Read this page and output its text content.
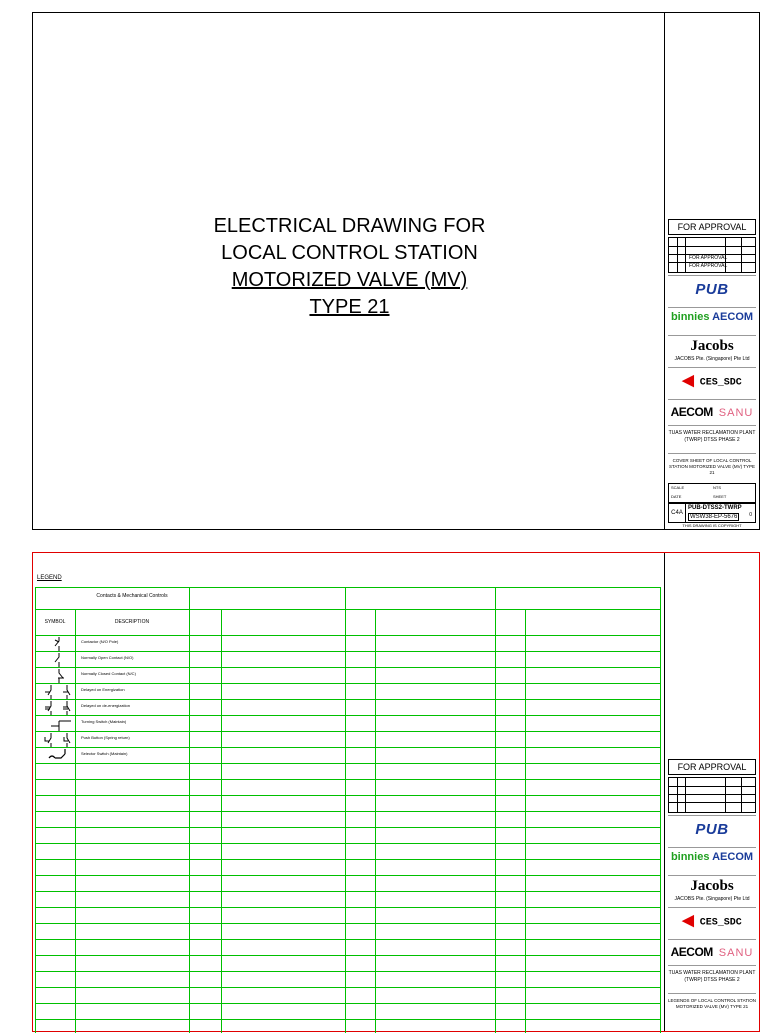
ELECTRICAL DRAWING FOR
LOCAL CONTROL STATION
MOTORIZED VALVE (MV)
TYPE 21
FOR APPROVAL
FOR APPROVAL
FOR APPROVAL
PUB
binnies AECOM
Jacobs
JACOBS Pte. (Singapore) Pte Ltd
◀ CES_SDC
AECOM SANU
TUAS WATER RECLAMATION PLANT (TWRP) DTSS PHASE 2
COVER SHEET OF LOCAL CONTROL STATION MOTORIZED VALVE (MV) TYPE 21
SCALE	NTS
DATE	SHEET
C4A
PUB-DTSS2-TWRP
WSW38-EP-5676	0
THIS DRAWING IS COPYRIGHT
LEGEND
Contacts & Mechanical Controls
SYMBOL	DESCRIPTION
Contactor (N/O Pole)
Normally Open Contact (N/O)
Normally Closed Contact (N/C)
Delayed on Energization
Delayed on de-energization
Turning Switch (Maintain)
Push Button (Spring return)
Selector Switch (Maintain)
FOR APPROVAL
PUB
binnies AECOM
Jacobs
JACOBS Pte. (Singapore) Pte Ltd
◀ CES_SDC
AECOM SANU
TUAS WATER RECLAMATION PLANT (TWRP) DTSS PHASE 2
LEGENDS OF LOCAL CONTROL STATION MOTORIZED VALVE (MV) TYPE 21
